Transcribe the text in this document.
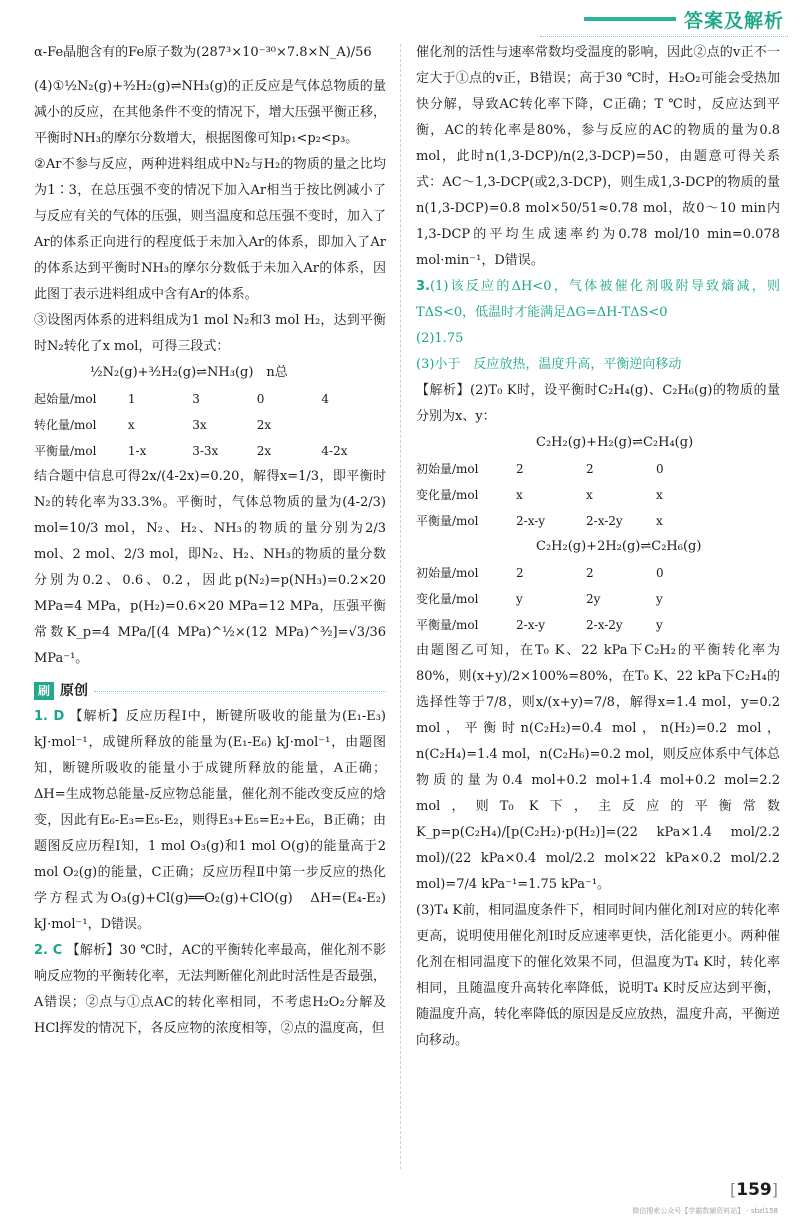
答案及解析

α-Fe晶胞含有的Fe原子数为(287³×10⁻³⁰×7.8×N_A)/56

(4)①½N₂(g)+³⁄₂H₂(g)⇌NH₃(g)的正反应是气体总物质的量减小的反应，在其他条件不变的情况下，增大压强平衡正移，平衡时NH₃的摩尔分数增大，根据图像可知p₁<p₂<p₃。

②Ar不参与反应，两种进料组成中N₂与H₂的物质的量之比均为1∶3，在总压强不变的情况下加入Ar相当于按比例减小了与反应有关的气体的压强，则当温度和总压强不变时，加入了Ar的体系正向进行的程度低于未加入Ar的体系，即加入了Ar的体系达到平衡时NH₃的摩尔分数低于未加入Ar的体系，因此图丁表示进料组成中含有Ar的体系。

③设图丙体系的进料组成为1 mol N₂和3 mol H₂，达到平衡时N₂转化了x mol，可得三段式：

½N₂(g)+³⁄₂H₂(g)⇌NH₃(g)　n总
起始量/mol	1	3	0	4
转化量/mol	x	3x	2x	
平衡量/mol	1-x	3-3x	2x	4-2x

结合题中信息可得2x/(4-2x)=0.20，解得x=1/3，即平衡时N₂的转化率为33.3%。平衡时，气体总物质的量为(4-2/3) mol=10/3 mol，N₂、H₂、NH₃的物质的量分别为2/3 mol、2 mol、2/3 mol，即N₂、H₂、NH₃的物质的量分数分别为0.2、0.6、0.2，因此p(N₂)=p(NH₃)=0.2×20 MPa=4 MPa，p(H₂)=0.6×20 MPa=12 MPa，压强平衡常数K_p=4 MPa/[(4 MPa)^½×(12 MPa)^³⁄₂]=√3/36 MPa⁻¹。

刷 原创

1. D 【解析】反应历程Ⅰ中，断键所吸收的能量为(E₁-E₃) kJ·mol⁻¹，成键所释放的能量为(E₁-E₆) kJ·mol⁻¹，由题图知，断键所吸收的能量小于成键所释放的能量，A正确；ΔH=生成物总能量-反应物总能量，催化剂不能改变反应的焓变，因此有E₆-E₃=E₅-E₂，则得E₃+E₅=E₂+E₆，B正确；由题图反应历程Ⅰ知，1 mol O₃(g)和1 mol O(g)的能量高于2 mol O₂(g)的能量，C正确；反应历程Ⅱ中第一步反应的热化学方程式为O₃(g)+Cl(g)══O₂(g)+ClO(g)　ΔH=(E₄-E₂) kJ·mol⁻¹，D错误。

2. C 【解析】30 ℃时，AC的平衡转化率最高，催化剂不影响反应物的平衡转化率，无法判断催化剂此时活性是否最强，A错误；②点与①点AC的转化率相同，不考虑H₂O₂分解及HCl挥发的情况下，各反应物的浓度相等，②点的温度高，但

催化剂的活性与速率常数均受温度的影响，因此②点的v正不一定大于①点的v正，B错误；高于30 ℃时，H₂O₂可能会受热加快分解，导致AC转化率下降，C正确；T ℃时，反应达到平衡，AC的转化率是80%，参与反应的AC的物质的量为0.8 mol，此时n(1,3-DCP)/n(2,3-DCP)=50，由题意可得关系式：AC～1,3-DCP(或2,3-DCP)，则生成1,3-DCP的物质的量n(1,3-DCP)=0.8 mol×50/51≈0.78 mol，故0～10 min内1,3-DCP的平均生成速率约为0.78 mol/10 min=0.078 mol·min⁻¹，D错误。

3.(1)该反应的ΔH<0，气体被催化剂吸附导致熵减，则TΔS<0，低温时才能满足ΔG=ΔH-TΔS<0

(2)1.75

(3)小于　反应放热，温度升高，平衡逆向移动

【解析】(2)T₀ K时，设平衡时C₂H₄(g)、C₂H₆(g)的物质的量分别为x、y：

C₂H₂(g)+H₂(g)⇌C₂H₄(g)
初始量/mol	2	2	0
变化量/mol	x	x	x
平衡量/mol	2-x-y	2-x-2y	x
C₂H₂(g)+2H₂(g)⇌C₂H₆(g)
初始量/mol	2	2	0
变化量/mol	y	2y	y
平衡量/mol	2-x-y	2-x-2y	y

由题图乙可知，在T₀ K、22 kPa下C₂H₂的平衡转化率为80%，则(x+y)/2×100%=80%，在T₀ K、22 kPa下C₂H₄的选择性等于7/8，则x/(x+y)=7/8，解得x=1.4 mol，y=0.2 mol，平衡时n(C₂H₂)=0.4 mol，n(H₂)=0.2 mol，n(C₂H₄)=1.4 mol，n(C₂H₆)=0.2 mol，则反应体系中气体总物质的量为0.4 mol+0.2 mol+1.4 mol+0.2 mol=2.2 mol，则T₀ K下，主反应的平衡常数K_p=p(C₂H₄)/[p(C₂H₂)·p(H₂)]=(22 kPa×1.4 mol/2.2 mol)/(22 kPa×0.4 mol/2.2 mol×22 kPa×0.2 mol/2.2 mol)=7/4 kPa⁻¹=1.75 kPa⁻¹。

(3)T₄ K前，相同温度条件下，相同时间内催化剂Ⅰ对应的转化率更高，说明使用催化剂Ⅰ时反应速率更快，活化能更小。两种催化剂在相同温度下的催化效果不同，但温度为T₄ K时，转化率相同，且随温度升高转化率降低，说明T₄ K时反应达到平衡，随温度升高，转化率降低的原因是反应放热，温度升高，平衡逆向移动。

[159]
微信搜索公众号【学霸数辅资料站】 · sbzl158
